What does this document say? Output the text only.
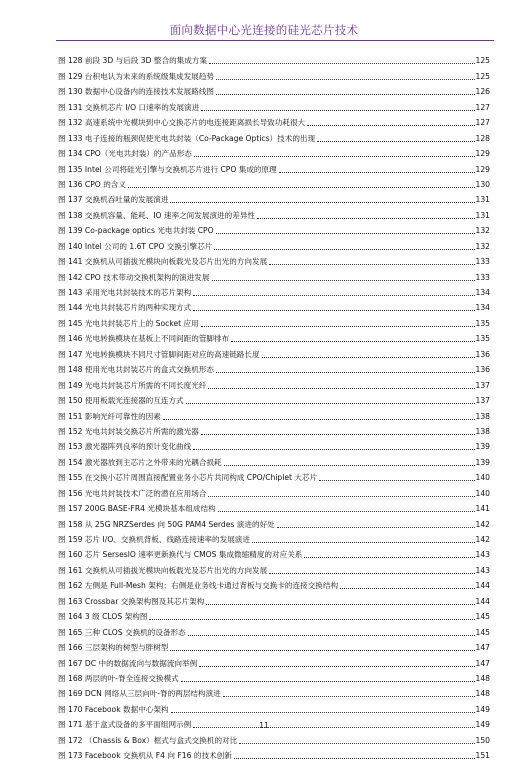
面向数据中心光连接的硅光芯片技术
图 128 前段 3D 与后段 3D 整合的集成方案	125
图 129 台积电认为未来的系统级集成发展趋势	125
图 130 数据中心设备内的连接技术发展路线图	126
图 131 交换机芯片 I/O 口速率的发展演进	127
图 132 高速系统中光模块到中心交换芯片的电连接距离损长导致功耗很大	127
图 133 电子连接的瓶颈促使光电共封装（Co-Package Optics）技术的出现	128
图 134 CPO（光电共封装）的产品形态	129
图 135 Intel 公司将硅光引擎与交换机芯片进行 CPO 集成的原理	129
图 136 CPO 的含义	130
图 137 交换机吞吐量的发展演进	131
图 138 交换机容量、能耗、IO 速率之间发展演进的差异性	131
图 139 Co-package optics 光电共封装 CPO	132
图 140 Intel 公司的 1.6T CPO 交换引擎芯片	132
图 141 交换机从可插拔光模块向板载光及芯片出光的方向发展	133
图 142 CPO 技术带动交换机架构的演进发展	133
图 143 采用光电共封装技术的芯片架构	134
图 144 光电共封装芯片的两种实现方式	134
图 145 光电共封装芯片上的 Socket 应用	135
图 146 光电转换模块在基板上不同间距的管脚排布	135
图 147 光电转换模块不同尺寸管脚间距对应的高速链路长度	136
图 148 使用光电共封装芯片的盒式交换机形态	136
图 149 光电共封装芯片所需的不同长度光纤	137
图 150 使用板载光连接器的互连方式	137
图 151 影响光纤可靠性的因素	138
图 152 光电共封装交换芯片所需的激光器	138
图 153 激光器阵列良率的预计变化曲线	139
图 154 激光器放到主芯片之外带来的光耦合损耗	139
图 155 在交换小芯片周围直接配置业务小芯片共同构成 CPO/Chiplet 大芯片	140
图 156 光电共封装技术广泛的潜在应用场合	140
图 157 200G BASE-FR4 光模块基本组成结构	141
图 158 从 25G NRZSerdes 向 50G PAM4 Serdes 演进的好处	142
图 159 芯片 I/O、交换机背板、线路连接速率的发展演进	142
图 160 芯片 SerseslO 速率更新换代与 CMOS 集成微缩精度的对应关系	143
图 161 交换机从可插拔光模块向板载光及芯片出光的方向发展	143
图 162 左侧是 Full-Mesh 架构；右侧是业务线卡通过背板与交换卡的连接交换结构	144
图 163 Crossbar 交换架构图及其芯片架构	144
图 164 3 级 CLOS 架构图	145
图 165 三种 CLOS 交换机的设备形态	145
图 166 三层架构的树型与胖树型	147
图 167 DC 中的数据流向与数据流向举例	147
图 168 两层的叶-脊全连接交换模式	148
图 169 DCN 网络从三层向叶-脊的两层结构演进	148
图 170 Facebook 数据中心架构	149
图 171 基于盒式设备的多平面组网示例	149
图 172 （Chassis & Box）框式与盒式交换机的对比	150
图 173 Facebook 交换机从 F4 向 F16 的技术创新	151
11
